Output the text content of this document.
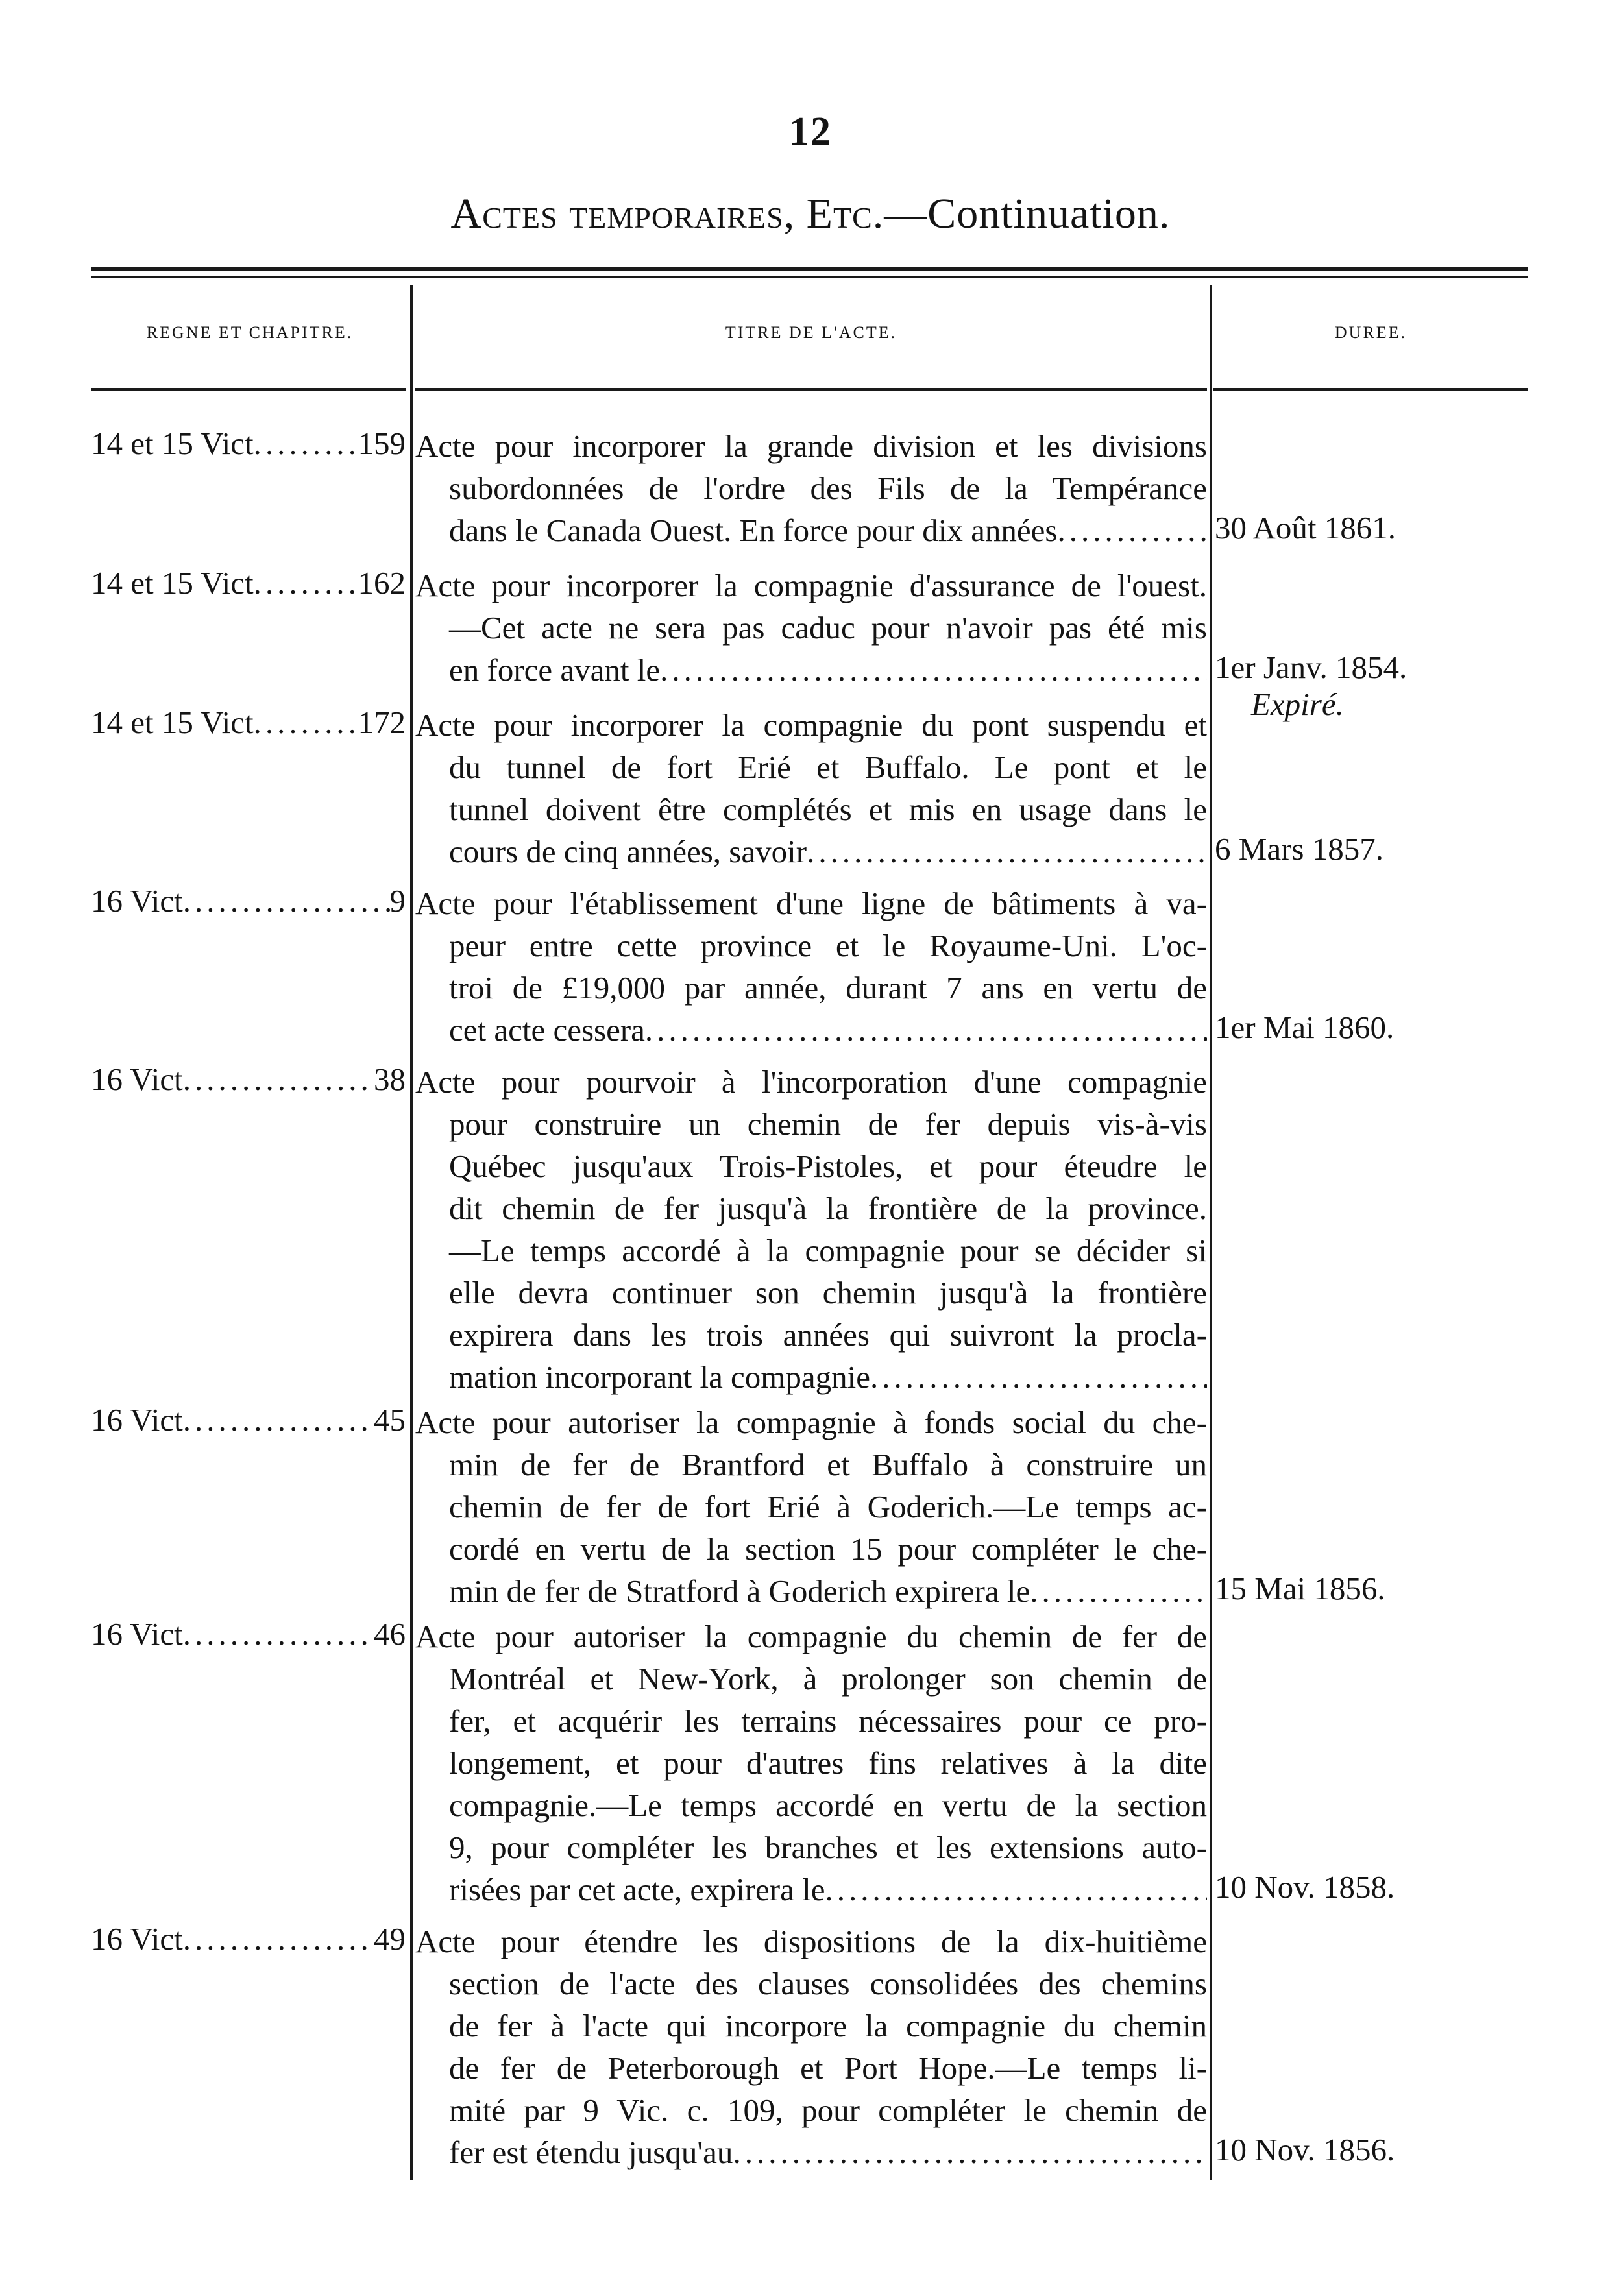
12
Actes temporaires, Etc.—Continuation.
REGNE ET CHAPITRE.	TITRE DE L'ACTE.	DUREE.
14 et 15 Vict .....	159 Acte pour incorporer la grande division et les divisions
subordonnées de l'ordre des Fils de la Tempérance
dans le Canada Ouest. En force pour dix années .....	30 Août 1861.
14 et 15 Vict .....	162 Acte pour incorporer la compagnie d'assurance de l'ouest.
—Cet acte ne sera pas caduc pour n'avoir pas été mis
en force avant le .....	1er Janv. 1854.
Expiré.
14 et 15 Vict .....	172 Acte pour incorporer la compagnie du pont suspendu et
du tunnel de fort Erié et Buffalo. Le pont et le
tunnel doivent être complétés et mis en usage dans le
cours de cinq années, savoir .....	6 Mars 1857.
16 Vict .....	9 Acte pour l'établissement d'une ligne de bâtiments à va-
peur entre cette province et le Royaume-Uni. L'oc-
troi de £19,000 par année, durant 7 ans en vertu de
cet acte cessera .....	1er Mai 1860.
16 Vict .....	38 Acte pour pourvoir à l'incorporation d'une compagnie
pour construire un chemin de fer depuis vis-à-vis
Québec jusqu'aux Trois-Pistoles, et pour éteudre le
dit chemin de fer jusqu'à la frontière de la province.
—Le temps accordé à la compagnie pour se décider si
elle devra continuer son chemin jusqu'à la frontière
expirera dans les trois années qui suivront la procla-
mation incorporant la compagnie
.....
16 Vict .....	45 Acte pour autoriser la compagnie à fonds social du che-
min de fer de Brantford et Buffalo à construire un
chemin de fer de fort Erié à Goderich.—Le temps ac-
cordé en vertu de la section 15 pour compléter le che-
min de fer de Stratford à Goderich expirera le .....	15 Mai 1856.
16 Vict .....	46 Acte pour autoriser la compagnie du chemin de fer de
Montréal et New-York, à prolonger son chemin de
fer, et acquérir les terrains nécessaires pour ce pro-
longement, et pour d'autres fins relatives à la dite
compagnie.—Le temps accordé en vertu de la section
9, pour compléter les branches et les extensions auto-
risées par cet acte, expirera le .....	10 Nov. 1858.
16 Vict .....	49 Acte pour étendre les dispositions de la dix-huitième
section de l'acte des clauses consolidées des chemins
de fer à l'acte qui incorpore la compagnie du chemin
de fer de Peterborough et Port Hope.—Le temps li-
mité par 9 Vic. c. 109, pour compléter le chemin de
fer est étendu jusqu'au .....	10 Nov. 1856.
